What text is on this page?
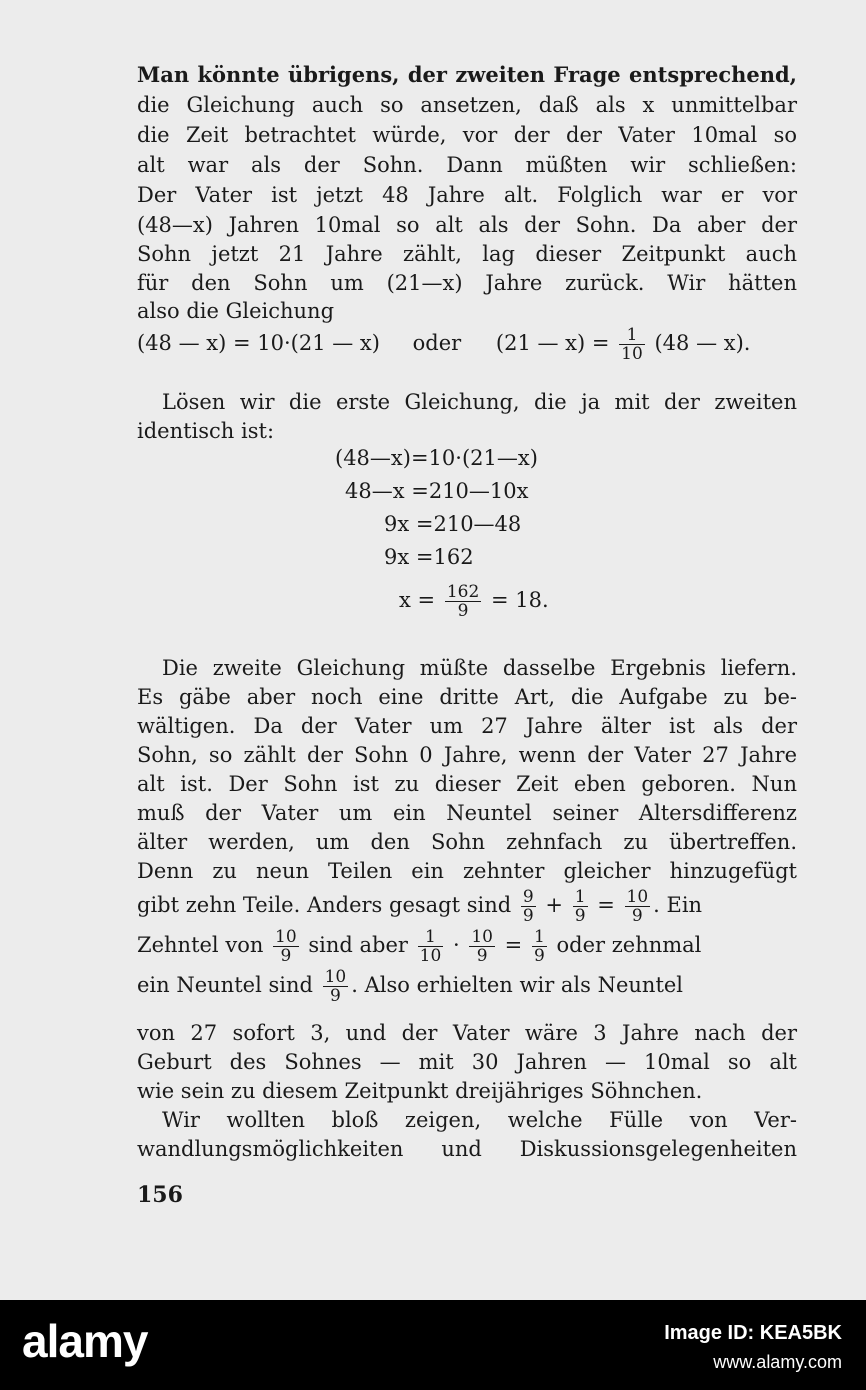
Man könnte übrigens, der zweiten Frage entsprechend,
die Gleichung auch so ansetzen, daß als x unmittelbar
die Zeit betrachtet würde, vor der der Vater 10mal so
alt war als der Sohn. Dann müßten wir schließen:
Der Vater ist jetzt 48 Jahre alt. Folglich war er vor
(48—x) Jahren 10mal so alt als der Sohn. Da aber der
Sohn jetzt 21 Jahre zählt, lag dieser Zeitpunkt auch
für den Sohn um (21—x) Jahre zurück. Wir hätten
also die Gleichung
(48 — x) = 10·(21 — x) oder (21 — $x) = \frac{1}{10} (48$ — x).
Lösen wir die erste Gleichung, die ja mit der zweiten
identisch ist:
(48—x)=10·(21—x)
48—x =210—10x
9x =210—48
9x =162
$x = \frac{162}{9} = 18$.
Die zweite Gleichung müßte dasselbe Ergebnis liefern.
Es gäbe aber noch eine dritte Art, die Aufgabe zu be-
wältigen. Da der Vater um 27 Jahre älter ist als der
Sohn, so zählt der Sohn 0 Jahre, wenn der Vater 27 Jahre
alt ist. Der Sohn ist zu dieser Zeit eben geboren. Nun
muß der Vater um ein Neuntel seiner Altersdifferenz
älter werden, um den Sohn zehnfach zu übertreffen.
Denn zu neun Teilen ein zehnter gleicher hinzugefügt
gibt zehn Teile. Anders gesagt sind $\frac{9}{9} + \frac{1}{9} = \frac{10}{9}$ . Ein
Zehntel von $\frac{10}{9}$ sind aber $\frac{1}{10} \cdot \frac{10}{9} = \frac{1}{9}$ oder zehnmal
ein Neuntel sind $\frac{10}{9}$ . Also erhielten wir als Neuntel
von 27 sofort 3, und der Vater wäre 3 Jahre nach der
Geburt des Sohnes — mit 30 Jahren — 10mal so alt
wie sein zu diesem Zeitpunkt dreijähriges Söhnchen.
Wir wollten bloß zeigen, welche Fülle von Ver-
wandlungsmöglichkeiten und Diskussionsgelegenheiten
156
alamy	Image ID: KEA5BK
www.alamy.com
